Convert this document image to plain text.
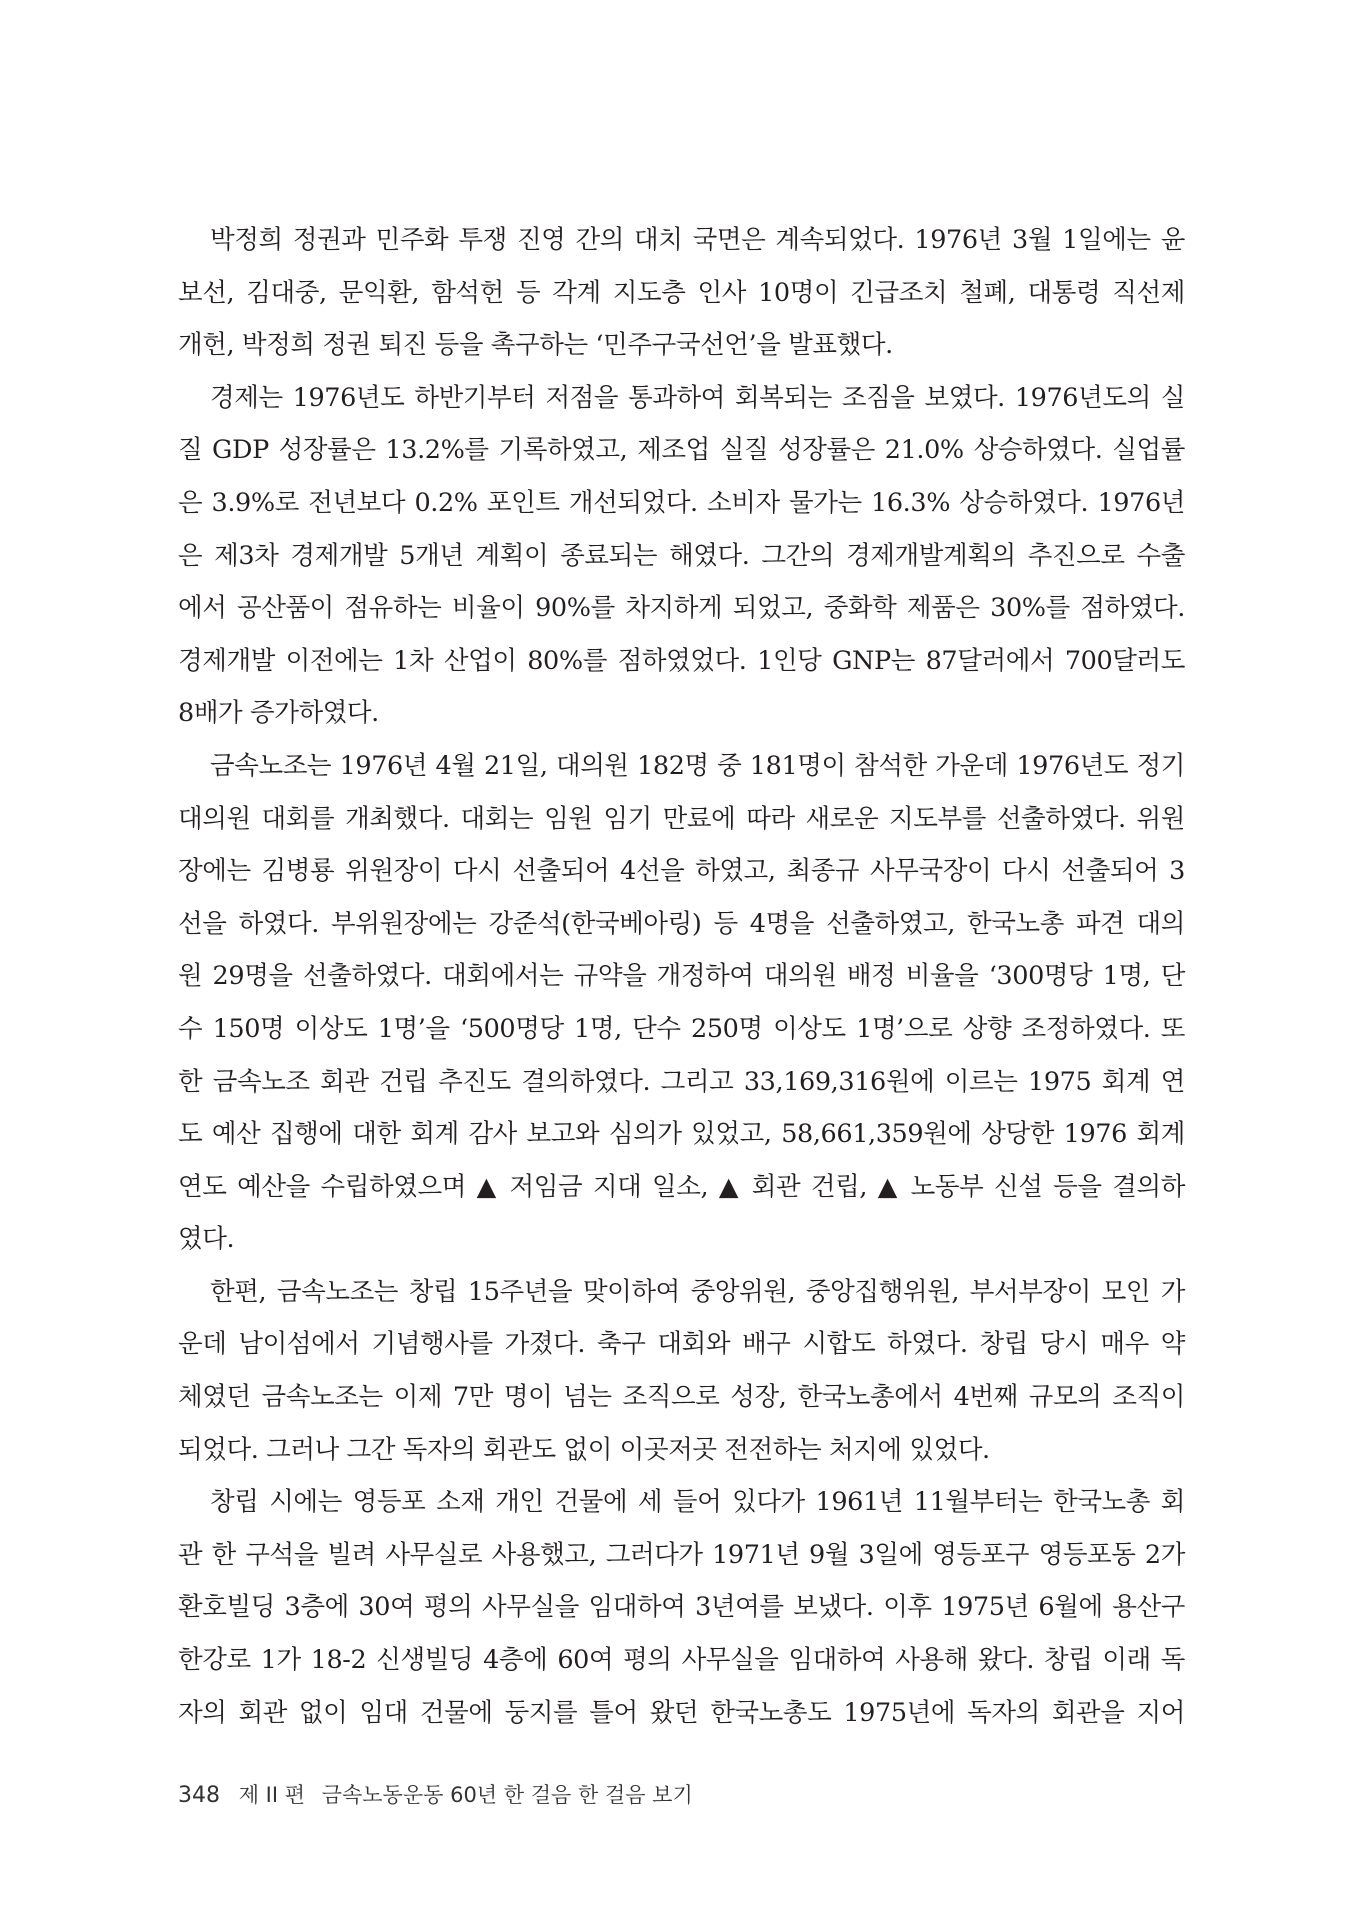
박정희 정권과 민주화 투쟁 진영 간의 대치 국면은 계속되었다. 1976년 3월 1일에는 윤
보선, 김대중, 문익환, 함석헌 등 각계 지도층 인사 10명이 긴급조치 철폐, 대통령 직선제
개헌, 박정희 정권 퇴진 등을 촉구하는 ‘민주구국선언’을 발표했다.
경제는 1976년도 하반기부터 저점을 통과하여 회복되는 조짐을 보였다. 1976년도의 실
질 GDP 성장률은 13.2%를 기록하였고, 제조업 실질 성장률은 21.0% 상승하였다. 실업률
은 3.9%로 전년보다 0.2% 포인트 개선되었다. 소비자 물가는 16.3% 상승하였다. 1976년
은 제3차 경제개발 5개년 계획이 종료되는 해였다. 그간의 경제개발계획의 추진으로 수출
에서 공산품이 점유하는 비율이 90%를 차지하게 되었고, 중화학 제품은 30%를 점하였다.
경제개발 이전에는 1차 산업이 80%를 점하였었다. 1인당 GNP는 87달러에서 700달러도
8배가 증가하였다.
금속노조는 1976년 4월 21일, 대의원 182명 중 181명이 참석한 가운데 1976년도 정기
대의원 대회를 개최했다. 대회는 임원 임기 만료에 따라 새로운 지도부를 선출하였다. 위원
장에는 김병룡 위원장이 다시 선출되어 4선을 하였고, 최종규 사무국장이 다시 선출되어 3
선을 하였다. 부위원장에는 강준석(한국베아링) 등 4명을 선출하였고, 한국노총 파견 대의
원 29명을 선출하였다. 대회에서는 규약을 개정하여 대의원 배정 비율을 ‘300명당 1명, 단
수 150명 이상도 1명’을 ‘500명당 1명, 단수 250명 이상도 1명’으로 상향 조정하였다. 또
한 금속노조 회관 건립 추진도 결의하였다. 그리고 33,169,316원에 이르는 1975 회계 연
도 예산 집행에 대한 회계 감사 보고와 심의가 있었고, 58,661,359원에 상당한 1976 회계
연도 예산을 수립하였으며 ▲ 저임금 지대 일소, ▲ 회관 건립, ▲ 노동부 신설 등을 결의하
였다.
한편, 금속노조는 창립 15주년을 맞이하여 중앙위원, 중앙집행위원, 부서부장이 모인 가
운데 남이섬에서 기념행사를 가졌다. 축구 대회와 배구 시합도 하였다. 창립 당시 매우 약
체였던 금속노조는 이제 7만 명이 넘는 조직으로 성장, 한국노총에서 4번째 규모의 조직이
되었다. 그러나 그간 독자의 회관도 없이 이곳저곳 전전하는 처지에 있었다.
창립 시에는 영등포 소재 개인 건물에 세 들어 있다가 1961년 11월부터는 한국노총 회
관 한 구석을 빌려 사무실로 사용했고, 그러다가 1971년 9월 3일에 영등포구 영등포동 2가
환호빌딩 3층에 30여 평의 사무실을 임대하여 3년여를 보냈다. 이후 1975년 6월에 용산구
한강로 1가 18-2 신생빌딩 4층에 60여 평의 사무실을 임대하여 사용해 왔다. 창립 이래 독
자의 회관 없이 임대 건물에 둥지를 틀어 왔던 한국노총도 1975년에 독자의 회관을 지어
348 제 II 편 금속노동운동 60년 한 걸음 한 걸음 보기
